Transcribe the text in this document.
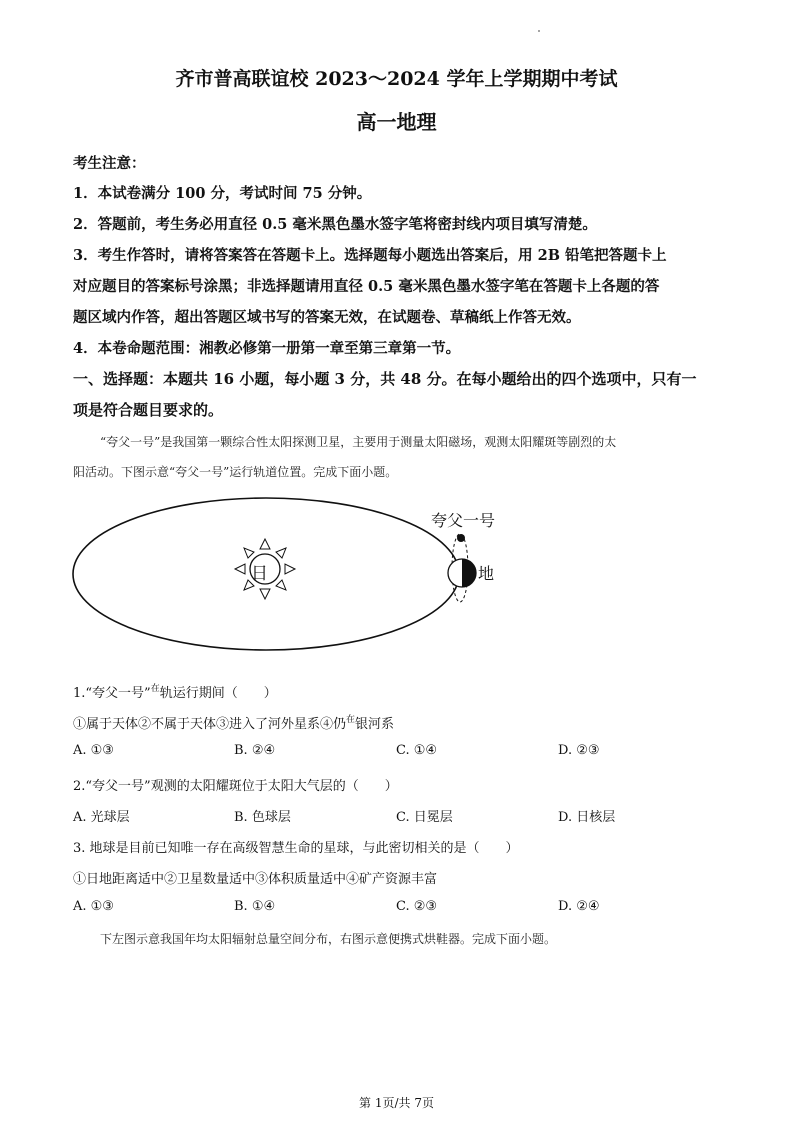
齐市普高联谊校 2023～2024 学年上学期期中考试
高一地理
考生注意：
1．本试卷满分 100 分，考试时间 75 分钟。
2．答题前，考生务必用直径 0.5 毫米黑色墨水签字笔将密封线内项目填写清楚。
3．考生作答时，请将答案答在答题卡上。选择题每小题选出答案后，用 2B 铅笔把答题卡上
对应题目的答案标号涂黑；非选择题请用直径 0.5 毫米黑色墨水签字笔在答题卡上各题的答
题区域内作答，超出答题区域书写的答案无效，在试题卷、草稿纸上作答无效。
4．本卷命题范围：湘教必修第一册第一章至第三章第一节。
一、选择题：本题共 16 小题，每小题 3 分，共 48 分。在每小题给出的四个选项中，只有一
项是符合题目要求的。
“夸父一号”是我国第一颗综合性太阳探测卫星，主要用于测量太阳磁场，观测太阳耀斑等剧烈的太
阳活动。下图示意“夸父一号”运行轨道位置。完成下面小题。
日
夸父一号
地
1.“夸父一号”$^在$轨运行期间（　　）
①属于天体②不属于天体③进入了河外星系④仍$^在$银河系
A. ①③	B. ②④	C. ①④	D. ②③
2.“夸父一号”观测的太阳耀斑位于太阳大气层的（　　）
A. 光球层	B. 色球层	C. 日冕层	D. 日核层
3. 地球是目前已知唯一存在高级智慧生命的星球，与此密切相关的是（　　）
①日地距离适中②卫星数量适中③体积质量适中④矿产资源丰富
A. ①③	B. ①④	C. ②③	D. ②④
下左图示意我国年均太阳辐射总量空间分布，右图示意便携式烘鞋器。完成下面小题。
第 1页/共 7页
